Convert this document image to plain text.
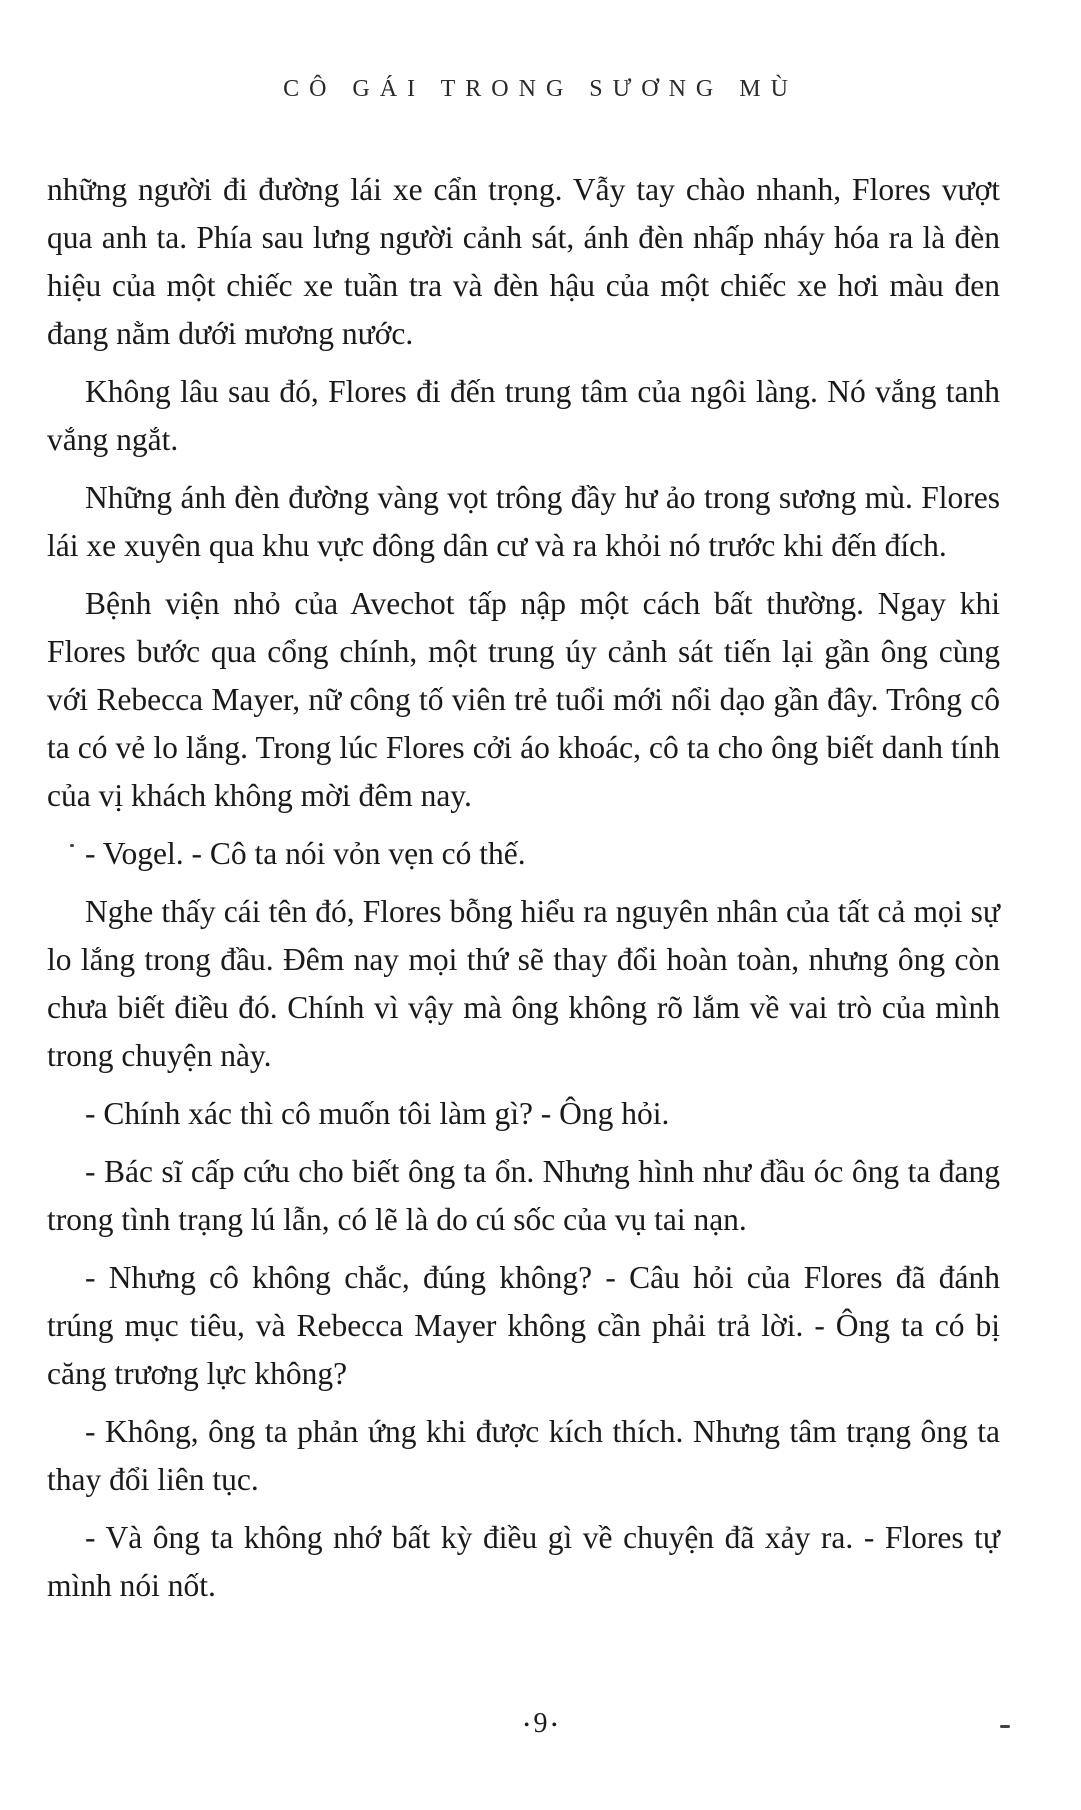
CÔ GÁI TRONG SƯƠNG MÙ

những người đi đường lái xe cẩn trọng. Vẫy tay chào nhanh, Flores vượt qua anh ta. Phía sau lưng người cảnh sát, ánh đèn nhấp nháy hóa ra là đèn hiệu của một chiếc xe tuần tra và đèn hậu của một chiếc xe hơi màu đen đang nằm dưới mương nước.

Không lâu sau đó, Flores đi đến trung tâm của ngôi làng. Nó vắng tanh vắng ngắt.

Những ánh đèn đường vàng vọt trông đầy hư ảo trong sương mù. Flores lái xe xuyên qua khu vực đông dân cư và ra khỏi nó trước khi đến đích.

Bệnh viện nhỏ của Avechot tấp nập một cách bất thường. Ngay khi Flores bước qua cổng chính, một trung úy cảnh sát tiến lại gần ông cùng với Rebecca Mayer, nữ công tố viên trẻ tuổi mới nổi dạo gần đây. Trông cô ta có vẻ lo lắng. Trong lúc Flores cởi áo khoác, cô ta cho ông biết danh tính của vị khách không mời đêm nay.

- Vogel. - Cô ta nói vỏn vẹn có thế.

Nghe thấy cái tên đó, Flores bỗng hiểu ra nguyên nhân của tất cả mọi sự lo lắng trong đầu. Đêm nay mọi thứ sẽ thay đổi hoàn toàn, nhưng ông còn chưa biết điều đó. Chính vì vậy mà ông không rõ lắm về vai trò của mình trong chuyện này.

- Chính xác thì cô muốn tôi làm gì? - Ông hỏi.

- Bác sĩ cấp cứu cho biết ông ta ổn. Nhưng hình như đầu óc ông ta đang trong tình trạng lú lẫn, có lẽ là do cú sốc của vụ tai nạn.

- Nhưng cô không chắc, đúng không? - Câu hỏi của Flores đã đánh trúng mục tiêu, và Rebecca Mayer không cần phải trả lời. - Ông ta có bị căng trương lực không?

- Không, ông ta phản ứng khi được kích thích. Nhưng tâm trạng ông ta thay đổi liên tục.

- Và ông ta không nhớ bất kỳ điều gì về chuyện đã xảy ra. - Flores tự mình nói nốt.

• 9 •
